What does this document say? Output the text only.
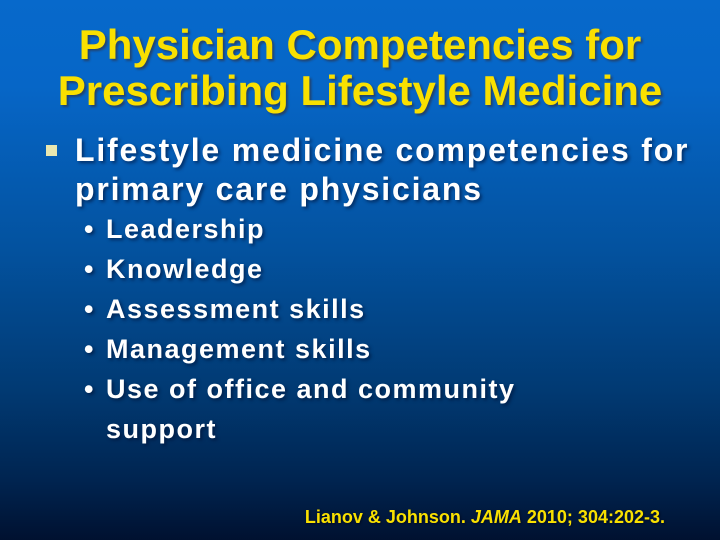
Physician Competencies for
Prescribing Lifestyle Medicine
Lifestyle medicine competencies for primary care physicians
• Leadership
• Knowledge
• Assessment skills
• Management skills
• Use of office and community support
Lianov & Johnson. JAMA 2010; 304:202-3.
